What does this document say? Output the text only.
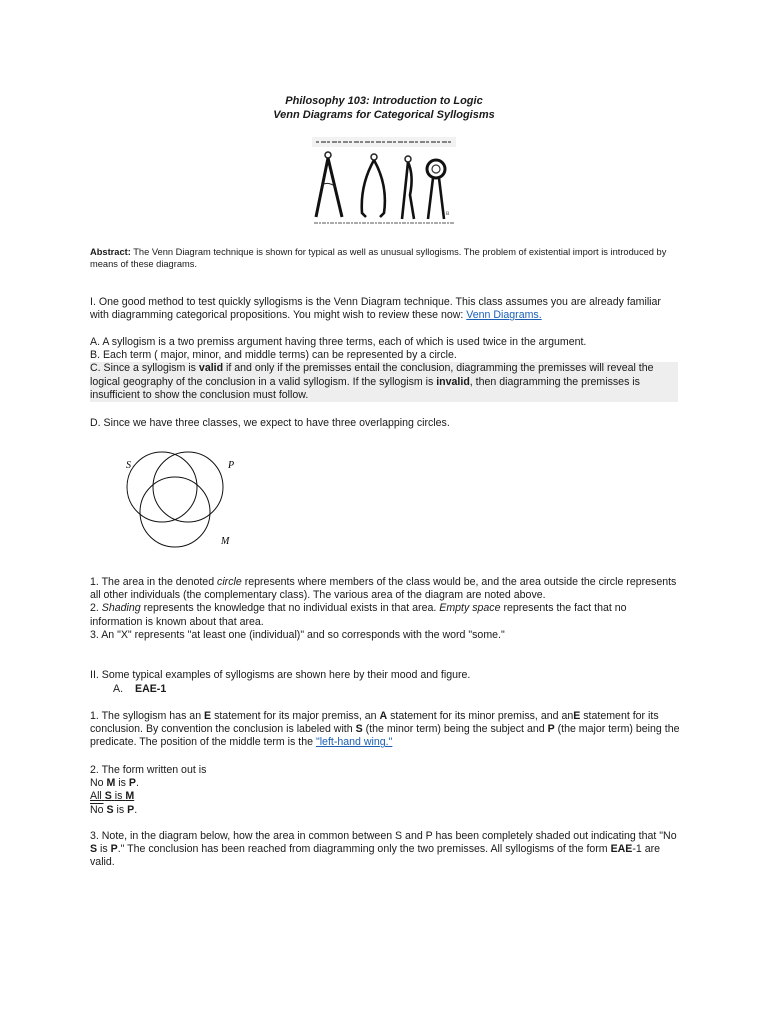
Philosophy 103: Introduction to Logic
Venn Diagrams for Categorical Syllogisms
B
Abstract: The Venn Diagram technique is shown for typical as well as unusual syllogisms. The problem of existential import is introduced by means of these diagrams.
I. One good method to test quickly syllogisms is the Venn Diagram technique. This class assumes you are already familiar with diagramming categorical propositions. You might wish to review these now: Venn Diagrams.
A. A syllogism is a two premiss argument having three terms, each of which is used twice in the argument.
B. Each term ( major, minor, and middle terms) can be represented by a circle.
C. Since a syllogism is valid if and only if the premisses entail the conclusion, diagramming the premisses will reveal the logical geography of the conclusion in a valid syllogism. If the syllogism is invalid, then diagramming the premisses is insufficient to show the conclusion must follow.
D. Since we have three classes, we expect to have three overlapping circles.
S	P
M
1. The area in the denoted circle represents where members of the class would be, and the area outside the circle represents all other individuals (the complementary class). The various area of the diagram are noted above.
2. Shading represents the knowledge that no individual exists in that area. Empty space represents the fact that no information is known about that area.
3. An "X" represents "at least one (individual)" and so corresponds with the word "some."
II. Some typical examples of syllogisms are shown here by their mood and figure.
A. EAE-1
1. The syllogism has an E statement for its major premiss, an A statement for its minor premiss, and anE statement for its conclusion. By convention the conclusion is labeled with S (the minor term) being the subject and P (the major term) being the predicate. The position of the middle term is the "left-hand wing."
2. The form written out is
No M is P.
All S is M
$\overline{No}$ S is P.
3. Note, in the diagram below, how the area in common between S and P has been completely shaded out indicating that "No S is P." The conclusion has been reached from diagramming only the two premisses. All syllogisms of the form EAE-1 are valid.
